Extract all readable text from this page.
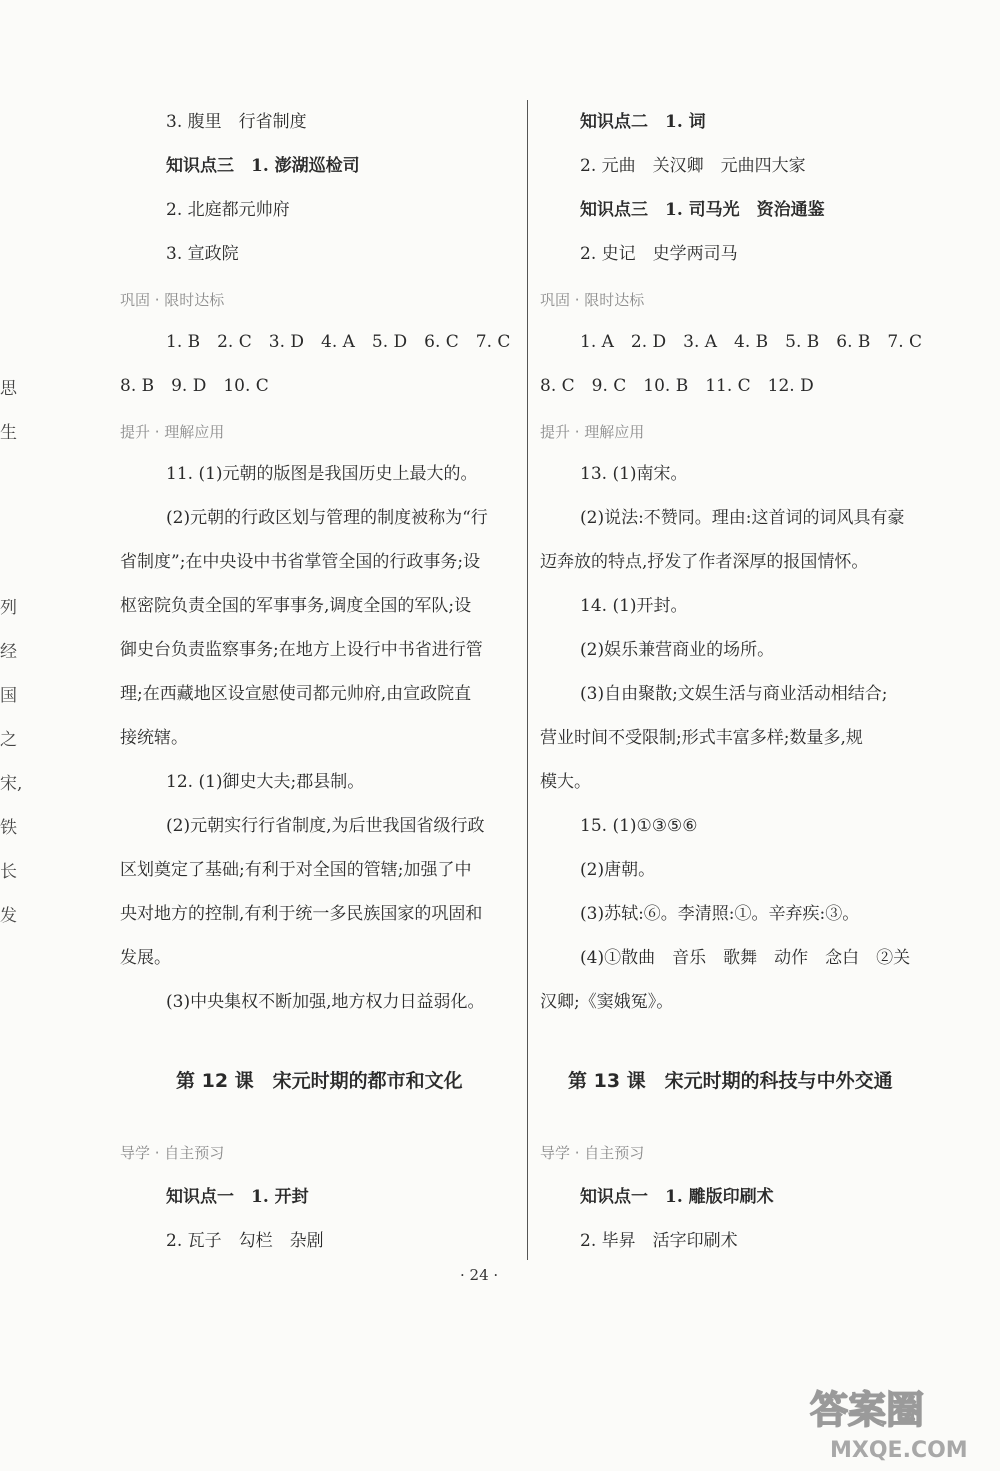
3. 腹里　行省制度
知识点三　1. 澎湖巡检司
2. 北庭都元帅府
3. 宣政院
1. B　2. C　3. D　4. A　5. D　6. C　7. C
8. B　9. D　10. C
11. (1)元朝的版图是我国历史上最大的。
(2)元朝的行政区划与管理的制度被称为“行
省制度”;在中央设中书省掌管全国的行政事务;设
枢密院负责全国的军事事务,调度全国的军队;设
御史台负责监察事务;在地方上设行中书省进行管
理;在西藏地区设宣慰使司都元帅府,由宣政院直
接统辖。
12. (1)御史大夫;郡县制。
(2)元朝实行行省制度,为后世我国省级行政
区划奠定了基础;有利于对全国的管辖;加强了中
央对地方的控制,有利于统一多民族国家的巩固和
发展。
(3)中央集权不断加强,地方权力日益弱化。
知识点一　1. 开封
2. 瓦子　勾栏　杂剧
巩固 · 限时达标
提升 · 理解应用
导学 · 自主预习
第 12 课　宋元时期的都市和文化
知识点二　1. 词
2. 元曲　关汉卿　元曲四大家
知识点三　1. 司马光　资治通鉴
2. 史记　史学两司马
1. A　2. D　3. A　4. B　5. B　6. B　7. C
8. C　9. C　10. B　11. C　12. D
13. (1)南宋。
(2)说法:不赞同。理由:这首词的词风具有豪
迈奔放的特点,抒发了作者深厚的报国情怀。
14. (1)开封。
(2)娱乐兼营商业的场所。
(3)自由聚散;文娱生活与商业活动相结合;
营业时间不受限制;形式丰富多样;数量多,规
模大。
15. (1)①③⑤⑥
(2)唐朝。
(3)苏轼:⑥。李清照:①。辛弃疾:③。
(4)①散曲　音乐　歌舞　动作　念白　②关
汉卿;《窦娥冤》。
知识点一　1. 雕版印刷术
2. 毕昇　活字印刷术
巩固 · 限时达标
提升 · 理解应用
导学 · 自主预习
第 13 课　宋元时期的科技与中外交通
思
生
列
经
国
之
宋,
铁
长
发
· 24 ·
答案圈
MXQE.COM
